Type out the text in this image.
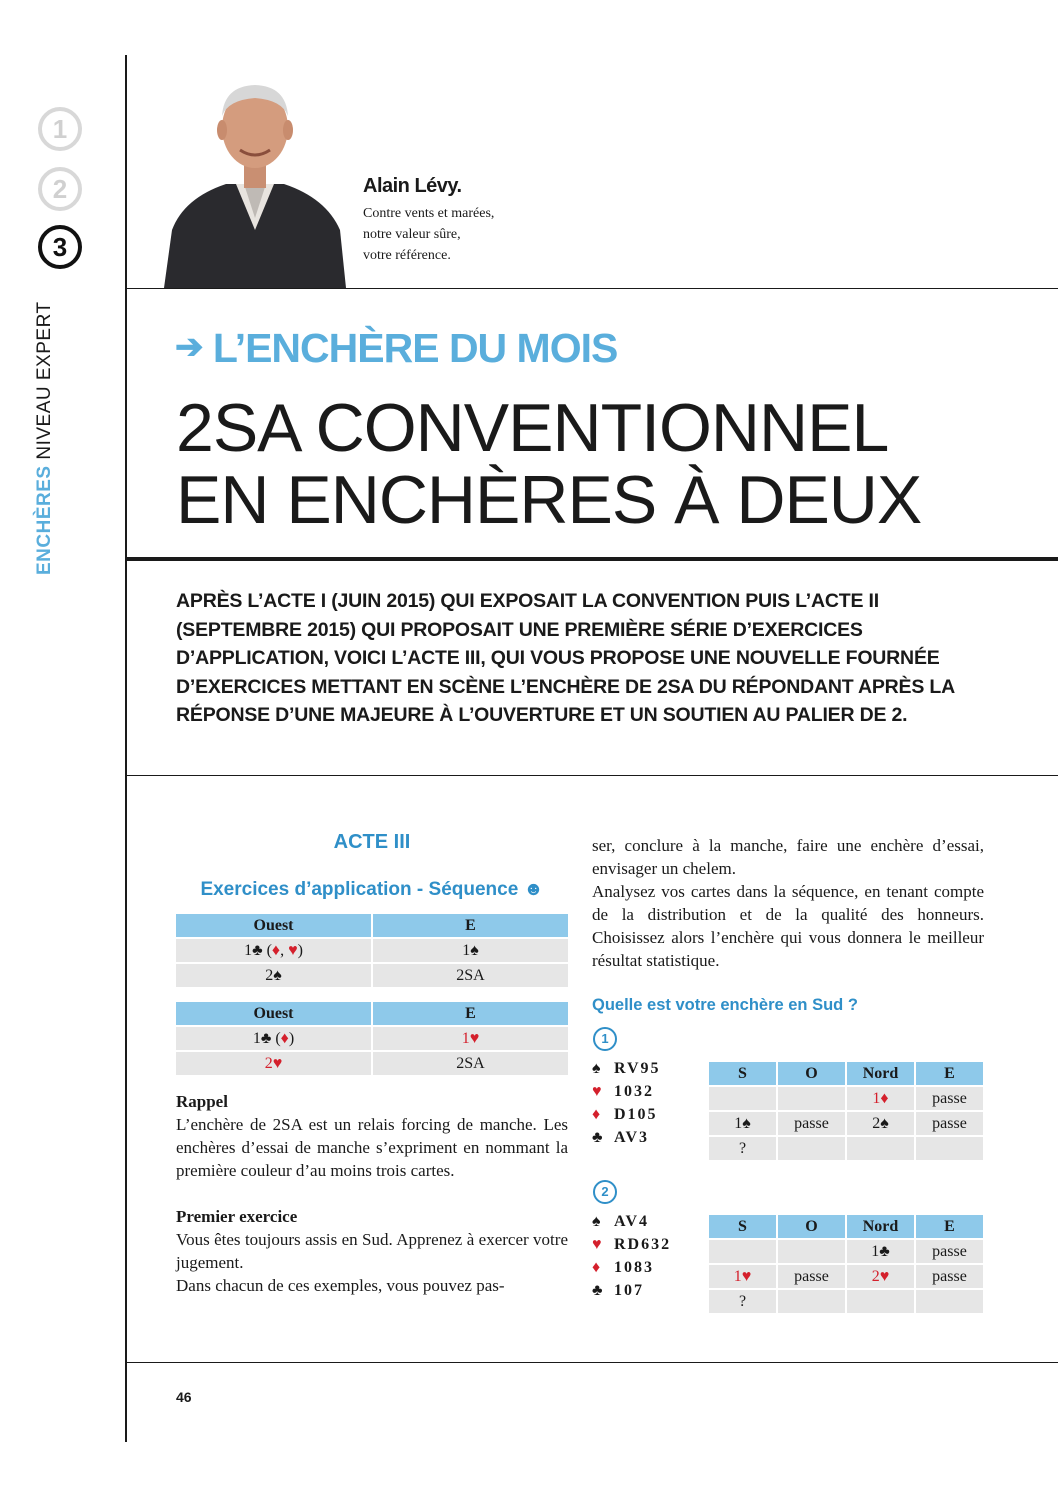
1
2
3
ENCHÈRES NIVEAU EXPERT
Alain Lévy.
Contre vents et marées,
notre valeur sûre,
votre référence.
➔ L’ENCHÈRE DU MOIS
2SA CONVENTIONNEL
EN ENCHÈRES À DEUX
APRÈS L’ACTE I (JUIN 2015) QUI EXPOSAIT LA CONVENTION PUIS L’ACTE II (SEPTEMBRE 2015) QUI PROPOSAIT UNE PREMIÈRE SÉRIE D’EXERCICES D’APPLICATION, VOICI L’ACTE III, QUI VOUS PROPOSE UNE NOUVELLE FOURNÉE D’EXERCICES METTANT EN SCÈNE L’ENCHÈRE DE 2SA DU RÉPONDANT APRÈS LA RÉPONSE D’UNE MAJEURE À L’OUVERTURE ET UN SOUTIEN AU PALIER DE 2.
ACTE III
Exercices d’application - Séquence ☻
Ouest	E
1♣ (♦, ♥)	1♠
2♠	2SA
Ouest	E
1♣ (♦)	1♥
2♥	2SA

Rappel

L’enchère de 2SA est un relais forcing de manche. Les enchères d’essai de manche s’expriment en nommant la première couleur d’au moins trois cartes.

Premier exercice

Vous êtes toujours assis en Sud. Apprenez à exercer votre jugement.

Dans chacun de ces exemples, vous pouvez pas-

ser, conclure à la manche, faire une enchère d’essai, envisager un chelem.

Analysez vos cartes dans la séquence, en tenant compte de la distribution et de la qualité des honneurs. Choisissez alors l’enchère qui vous donnera le meilleur résultat statistique.

Quelle est votre enchère en Sud ?
1
♠ RV95
♥ 1032
♦ D105
♣ AV3
S	O	Nord	E
		1♦	passe
1♠	passe	2♠	passe
?			
2
♠ AV4
♥ RD632
♦ 1083
♣ 107
S	O	Nord	E
		1♣	passe
1♥	passe	2♥	passe
?			
46
